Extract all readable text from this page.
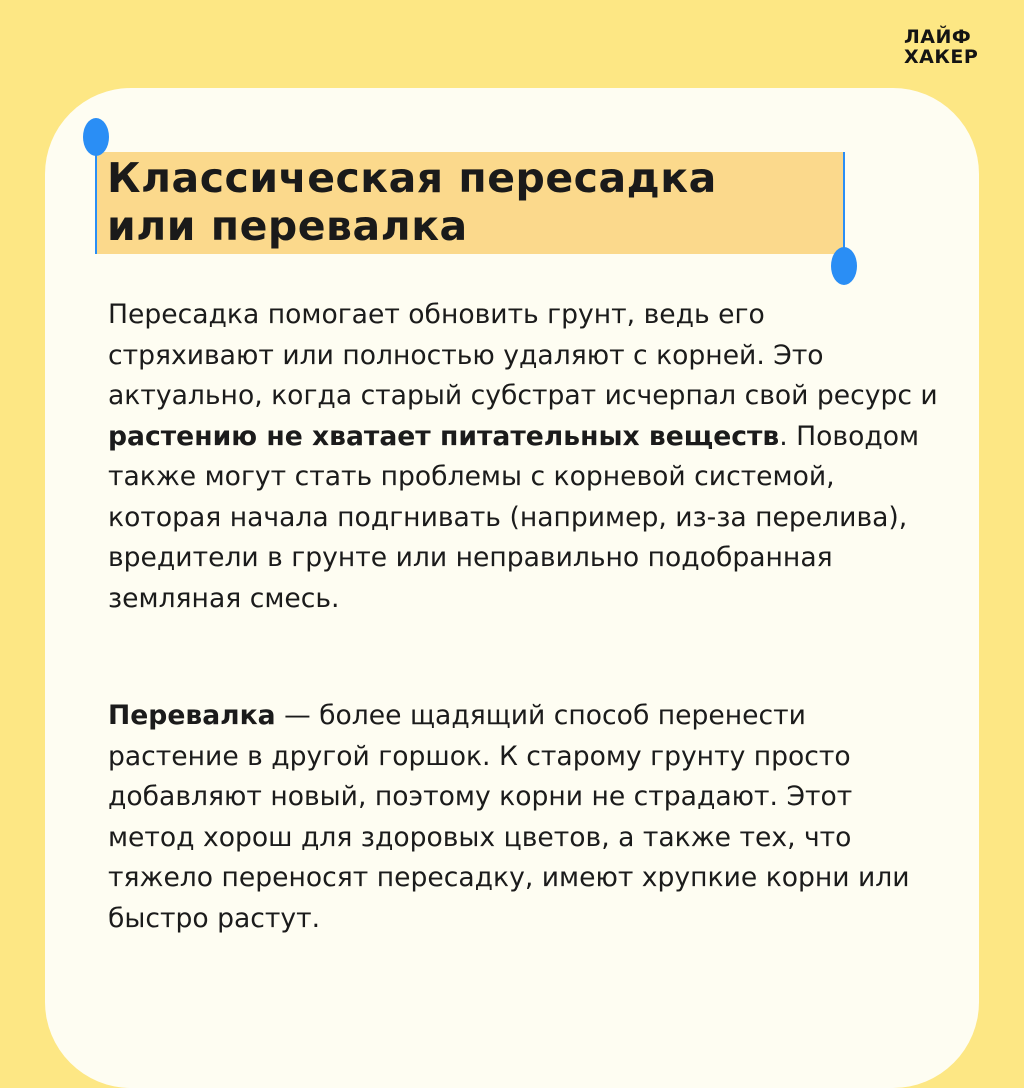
ЛАЙФ
ХАКЕР
Классическая пересадка
или перевалка

Пересадка помогает обновить грунт, ведь его стряхивают или полностью удаляют с корней. Это актуально, когда старый субстрат исчерпал свой ресурс и растению не хватает питательных веществ. Поводом также могут стать проблемы с корневой системой, которая начала подгнивать (например, из-за перелива), вредители в грунте или неправильно подобранная земляная смесь.

Перевалка — более щадящий способ перенести растение в другой горшок. К старому грунту просто добавляют новый, поэтому корни не страдают. Этот метод хорош для здоровых цветов, а также тех, что тяжело переносят пересадку, имеют хрупкие корни или быстро растут.
